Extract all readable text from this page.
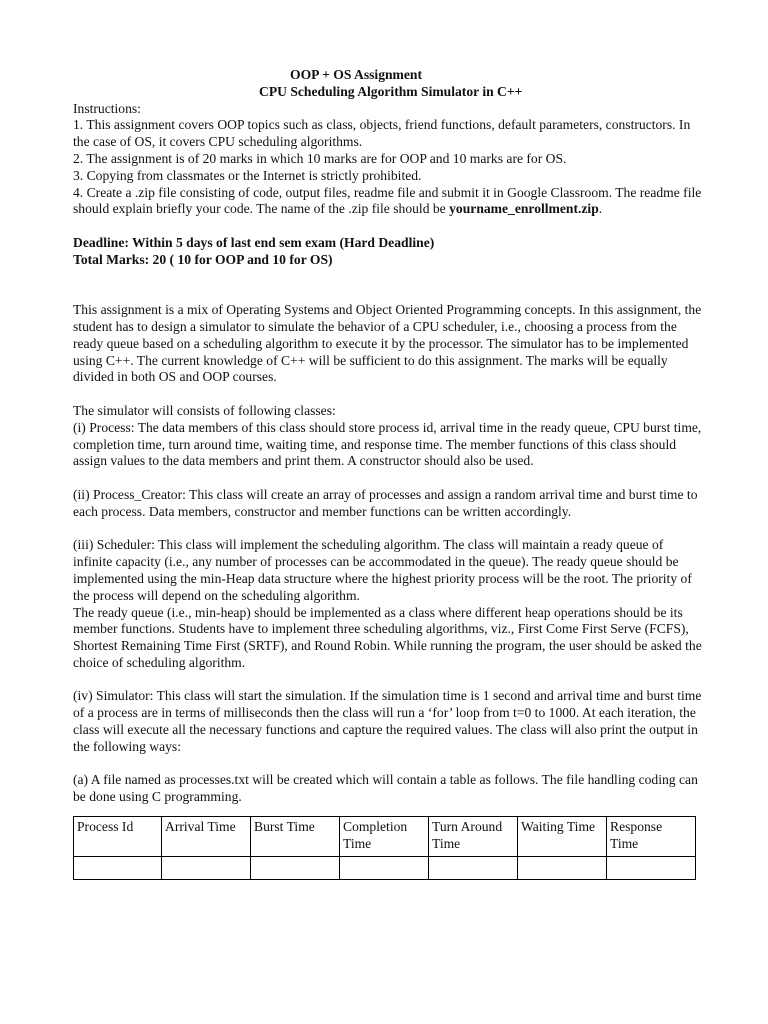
OOP + OS Assignment
CPU Scheduling Algorithm Simulator in C++

Instructions:

1. This assignment covers OOP topics such as class, objects, friend functions, default parameters, constructors. In the case of OS, it covers CPU scheduling algorithms.

2. The assignment is of 20 marks in which 10 marks are for OOP and 10 marks are for OS.

3. Copying from classmates or the Internet is strictly prohibited.

4. Create a .zip file consisting of code, output files, readme file and submit it in Google Classroom. The readme file should explain briefly your code. The name of the .zip file should be yourname_enrollment.zip.

Deadline: Within 5 days of last end sem exam (Hard Deadline)

Total Marks: 20 ( 10 for OOP and 10 for OS)

This assignment is a mix of Operating Systems and Object Oriented Programming concepts. In this assignment, the student has to design a simulator to simulate the behavior of a CPU scheduler, i.e., choosing a process from the ready queue based on a scheduling algorithm to execute it by the processor. The simulator has to be implemented using C++. The current knowledge of C++ will be sufficient to do this assignment. The marks will be equally divided in both OS and OOP courses.

The simulator will consists of following classes:

(i) Process: The data members of this class should store process id, arrival time in the ready queue, CPU burst time, completion time, turn around time, waiting time, and response time. The member functions of this class should assign values to the data members and print them. A constructor should also be used.

(ii) Process_Creator: This class will create an array of processes and assign a random arrival time and burst time to each process. Data members, constructor and member functions can be written accordingly.

(iii) Scheduler: This class will implement the scheduling algorithm. The class will maintain a ready queue of infinite capacity (i.e., any number of processes can be accommodated in the queue). The ready queue should be implemented using the min-Heap data structure where the highest priority process will be the root. The priority of the process will depend on the scheduling algorithm.

The ready queue (i.e., min-heap) should be implemented as a class where different heap operations should be its member functions. Students have to implement three scheduling algorithms, viz., First Come First Serve (FCFS), Shortest Remaining Time First (SRTF), and Round Robin. While running the program, the user should be asked the choice of scheduling algorithm.

(iv) Simulator: This class will start the simulation. If the simulation time is 1 second and arrival time and burst time of a process are in terms of milliseconds then the class will run a ‘for’ loop from t=0 to 1000. At each iteration, the class will execute all the necessary functions and capture the required values. The class will also print the output in the following ways:

(a) A file named as processes.txt will be created which will contain a table as follows. The file handling coding can be done using C programming.

Process Id	Arrival Time	Burst Time	Completion Time	Turn Around Time	Waiting Time	Response Time
